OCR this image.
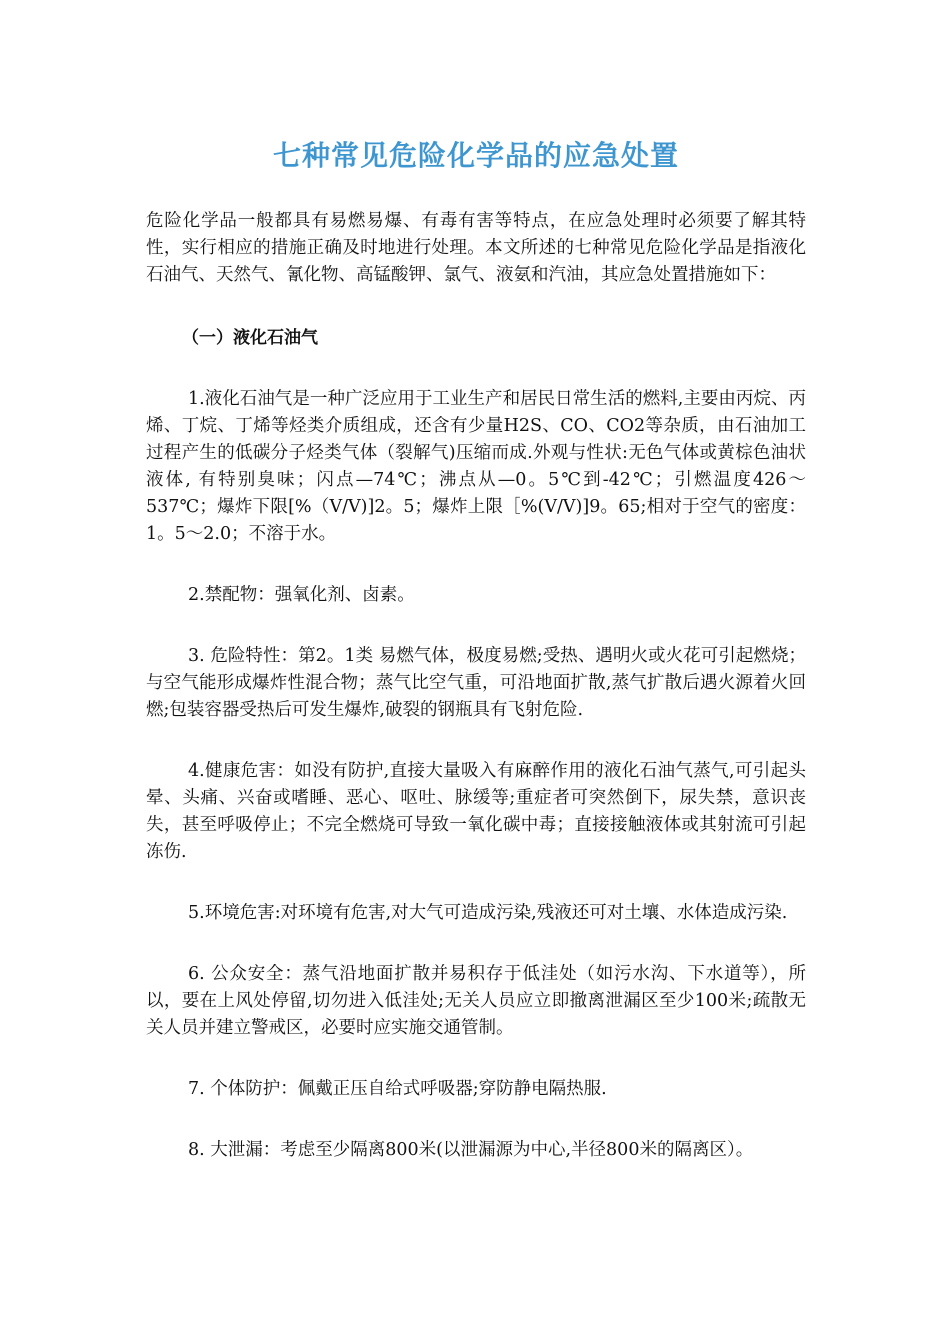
七种常见危险化学品的应急处置

危险化学品一般都具有易燃易爆、有毒有害等特点，在应急处理时必须要了解其特性，实行相应的措施正确及时地进行处理。本文所述的七种常见危险化学品是指液化石油气、天然气、氰化物、高锰酸钾、氯气、液氨和汽油，其应急处置措施如下：

（一）液化石油气

1.液化石油气是一种广泛应用于工业生产和居民日常生活的燃料,主要由丙烷、丙烯、丁烷、丁烯等烃类介质组成，还含有少量H2S、CO、CO2等杂质，由石油加工过程产生的低碳分子烃类气体（裂解气)压缩而成.外观与性状:无色气体或黄棕色油状液体, 有特别臭味；闪点—74℃；沸点从—0。5℃到-42℃；引燃温度426～537℃；爆炸下限[%（V/V)]2。5；爆炸上限［%(V/V)]9。65;相对于空气的密度：1。5～2.0；不溶于水。

2.禁配物：强氧化剂、卤素。

3. 危险特性：第2。1类 易燃气体，极度易燃;受热、遇明火或火花可引起燃烧；与空气能形成爆炸性混合物；蒸气比空气重，可沿地面扩散,蒸气扩散后遇火源着火回燃;包装容器受热后可发生爆炸,破裂的钢瓶具有飞射危险.

4.健康危害：如没有防护,直接大量吸入有麻醉作用的液化石油气蒸气,可引起头晕、头痛、兴奋或嗜睡、恶心、呕吐、脉缓等;重症者可突然倒下，尿失禁，意识丧失，甚至呼吸停止；不完全燃烧可导致一氧化碳中毒；直接接触液体或其射流可引起冻伤.

5.环境危害:对环境有危害,对大气可造成污染,残液还可对土壤、水体造成污染.

6. 公众安全：蒸气沿地面扩散并易积存于低洼处（如污水沟、下水道等），所以，要在上风处停留,切勿进入低洼处;无关人员应立即撤离泄漏区至少100米;疏散无关人员并建立警戒区，必要时应实施交通管制。

7. 个体防护：佩戴正压自给式呼吸器;穿防静电隔热服.

8. 大泄漏：考虑至少隔离800米(以泄漏源为中心,半径800米的隔离区）。
